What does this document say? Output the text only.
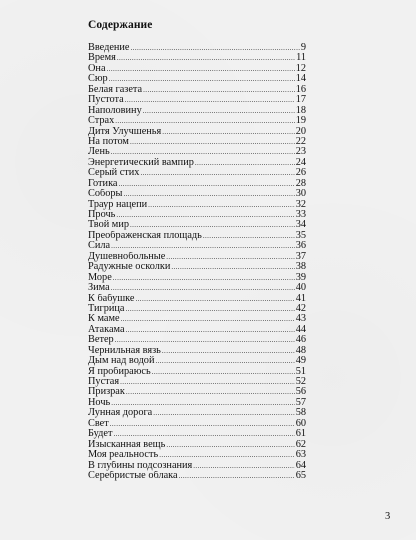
Содержание
Введение .....	9
Время .....	11
Она .....	12
Сюр .....	14
Белая газета .....	16
Пустота .....	17
Наполовину .....	18
Страх .....	19
Дитя Улучшенья .....	20
На потом .....	22
Лень .....	23
Энергетический вампир .....	24
Серый стих .....	26
Готика .....	28
Соборы .....	30
Траур нацепи .....	32
Прочь .....	33
Твой мир .....	34
Преображенская площадь .....	35
Сила .....	36
Душевнобольные .....	37
Радужные осколки .....	38
Море .....	39
Зима .....	40
К бабушке .....	41
Тигрица .....	42
К маме .....	43
Атакама .....	44
Ветер .....	46
Чернильная вязь .....	48
Дым над водой .....	49
Я пробираюсь .....	51
Пустая .....	52
Призрак .....	56
Ночь .....	57
Лунная дорога .....	58
Свет .....	60
Будет .....	61
Изысканная вещь .....	62
Моя реальность .....	63
В глубины подсознания .....	64
Серебристые облака .....	65
3
